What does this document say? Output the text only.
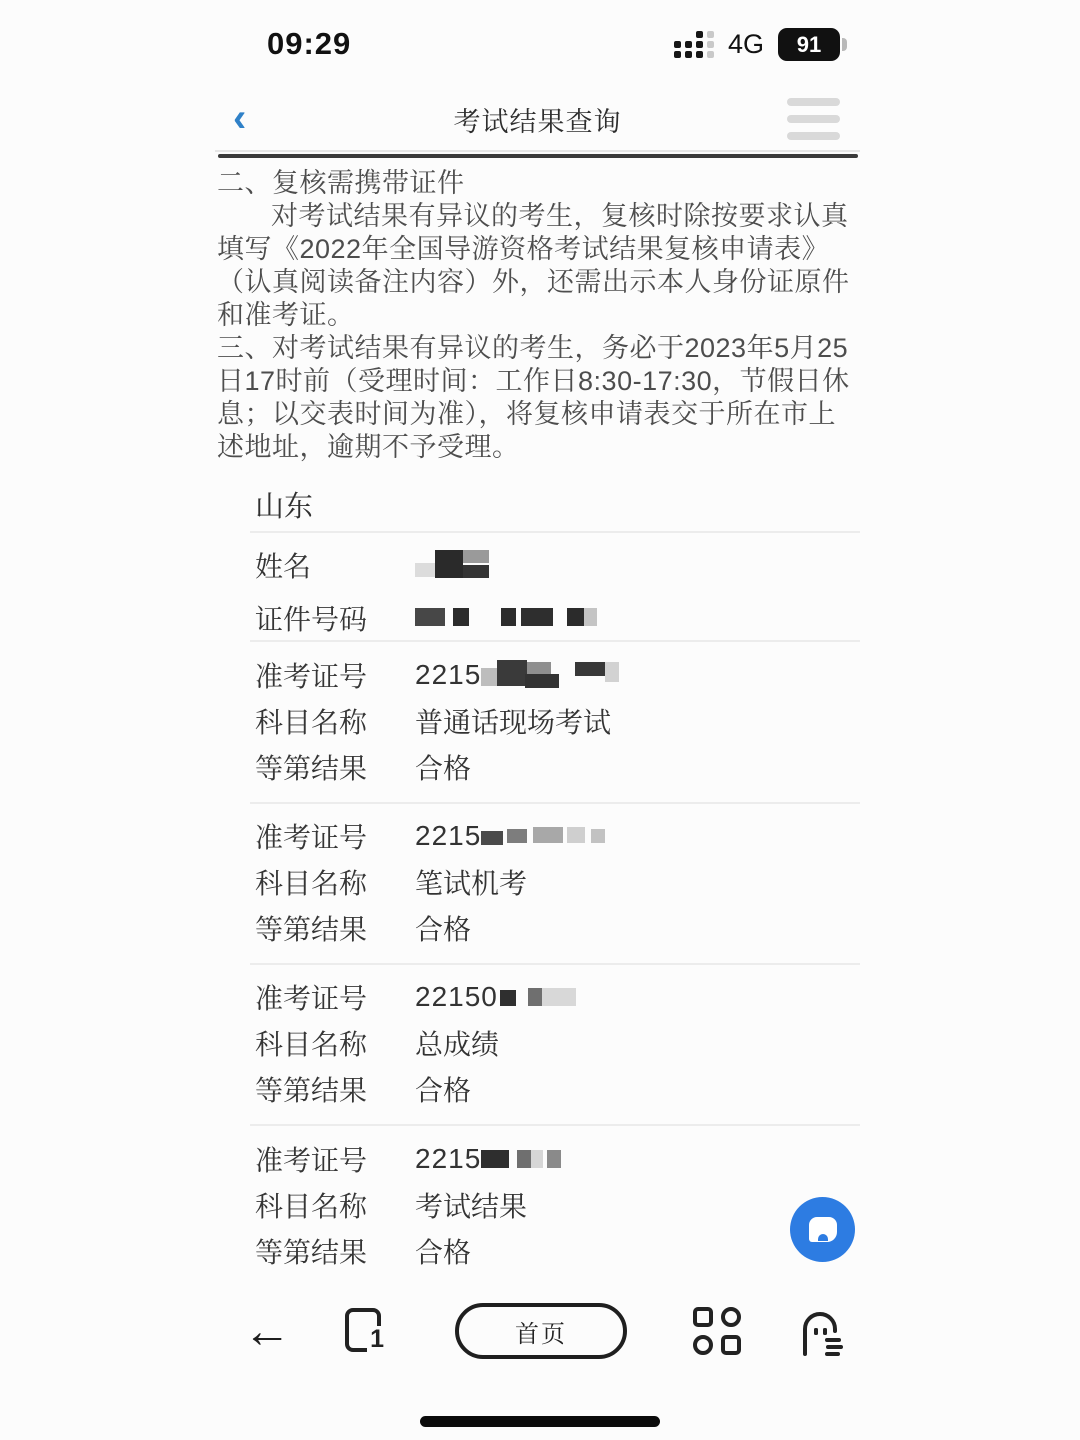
09:29	4G 91
‹	考试结果查询

二、复核需携带证件

对考试结果有异议的考生，复核时除按要求认真填写《2022年全国导游资格考试结果复核申请表》（认真阅读备注内容）外，还需出示本人身份证原件和准考证。

三、对考试结果有异议的考生，务必于2023年5月25日17时前（受理时间：工作日8:30-17:30，节假日休息；以交表时间为准），将复核申请表交于所在市上述地址，逾期不予受理。

山东
姓名
证件号码
准考证号	2215
科目名称	普通话现场考试
等第结果	合格
准考证号	2215
科目名称	笔试机考
等第结果	合格
准考证号	22150
科目名称	总成绩
等第结果	合格
准考证号	2215
科目名称	考试结果
等第结果	合格
←	1	首页
